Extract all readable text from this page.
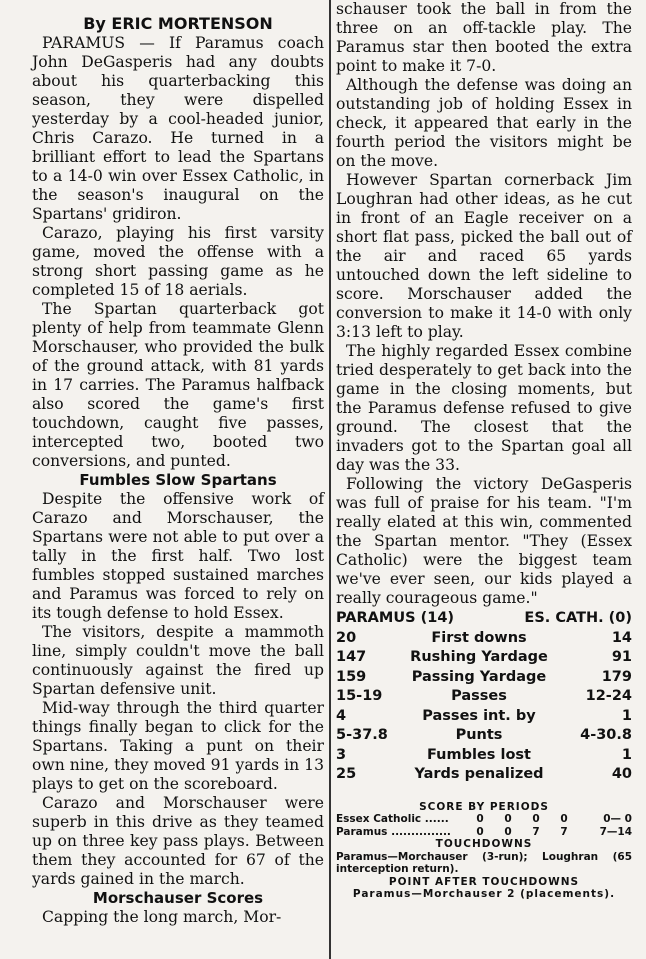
By ERIC MORTENSON

PARAMUS — If Paramus coach John DeGasperis had any doubts about his quarterbacking this season, they were dispelled yesterday by a cool-headed junior, Chris Carazo. He turned in a brilliant effort to lead the Spartans to a 14-0 win over Essex Catholic, in the season's inaugural on the Spartans' gridiron.

Carazo, playing his first varsity game, moved the offense with a strong short passing game as he completed 15 of 18 aerials.

The Spartan quarterback got plenty of help from teammate Glenn Morschauser, who provided the bulk of the ground attack, with 81 yards in 17 carries. The Paramus halfback also scored the game's first touchdown, caught five passes, intercepted two, booted two conversions, and punted.

Fumbles Slow Spartans

Despite the offensive work of Carazo and Morschauser, the Spartans were not able to put over a tally in the first half. Two lost fumbles stopped sustained marches and Paramus was forced to rely on its tough defense to hold Essex.

The visitors, despite a mammoth line, simply couldn't move the ball continuously against the fired up Spartan defensive unit.

Mid-way through the third quarter things finally began to click for the Spartans. Taking a punt on their own nine, they moved 91 yards in 13 plays to get on the scoreboard.

Carazo and Morschauser were superb in this drive as they teamed up on three key pass plays. Between them they accounted for 67 of the yards gained in the march.

Morschauser Scores

Capping the long march, Mor-

schauser took the ball in from the three on an off-tackle play. The Paramus star then booted the extra point to make it 7-0.

Although the defense was doing an outstanding job of holding Essex in check, it appeared that early in the fourth period the visitors might be on the move.

However Spartan cornerback Jim Loughran had other ideas, as he cut in front of an Eagle receiver on a short flat pass, picked the ball out of the air and raced 65 yards untouched down the left sideline to score. Morschauser added the conversion to make it 14-0 with only 3:13 left to play.

The highly regarded Essex combine tried desperately to get back into the game in the closing moments, but the Paramus defense refused to give ground. The closest that the invaders got to the Spartan goal all day was the 33.

Following the victory DeGasperis was full of praise for his team. "I'm really elated at this win, commented the Spartan mentor. "They (Essex Catholic) were the biggest team we've ever seen, our kids played a really courageous game."

PARAMUS (14)	ES. CATH. (0)
20	First downs	14
147	Rushing Yardage	91
159	Passing Yardage	179
15-19	Passes	12-24
4	Passes int. by	1
5-37.8	Punts	4-30.8
3	Fumbles lost	1
25	Yards penalized	40
SCORE BY PERIODS
Essex Catholic ......	0	0	0	0	0— 0
Paramus ...............	0	0	7	7	7—14
TOUCHDOWNS
Paramus—Morchauser (3-run); Loughran (65 interception return).
POINT AFTER TOUCHDOWNS
Paramus—Morchauser 2 (placements).
